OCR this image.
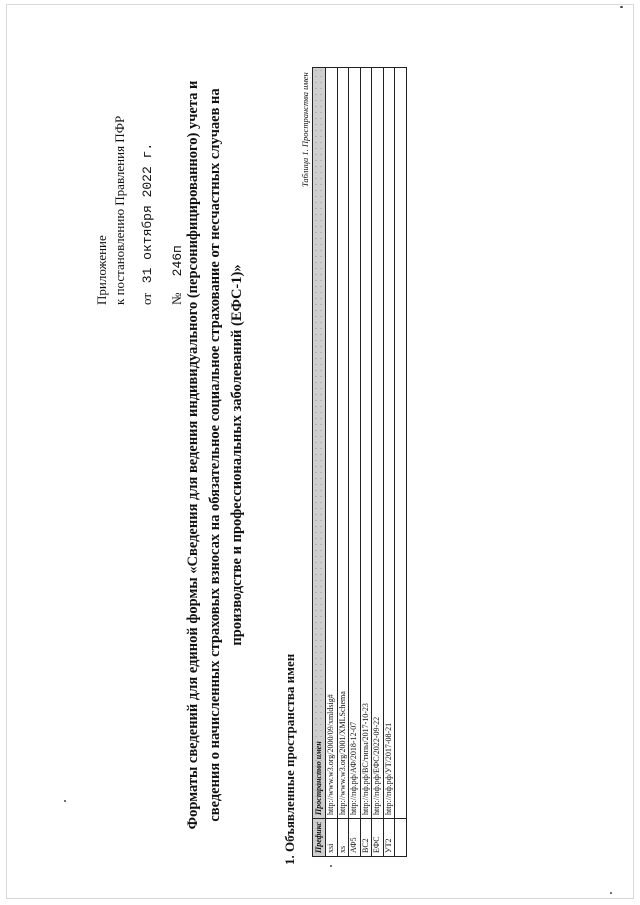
Приложение к постановлению Правления ПФР от   31 октября 2022 г.
№     246п Форматы сведений для единой формы «Сведения для ведения индивидуального (персонифицированного) учета и сведения о начисленных страховых взносах на обязательное социальное страхование от несчастных случаев на производстве и профессиональных заболеваний (ЕФС-1)»
1. Объявленные пространства имен
Таблица 1. Пространства имен
Префикс	Пространство имен
xsi	http://www.w3.org/2000/09/xmldsig#
xs	http://www.w3.org/2001/XMLSchema
АФ5	http://пф.рф/АФ/2018-12-07
ВС2	http://пф.рф/ВС/типы/2017-10-23
ЕФС	http://пф.рф/ЕФС/2022-09-22
УТ2	http://пф.рф/УТ/2017-08-21
